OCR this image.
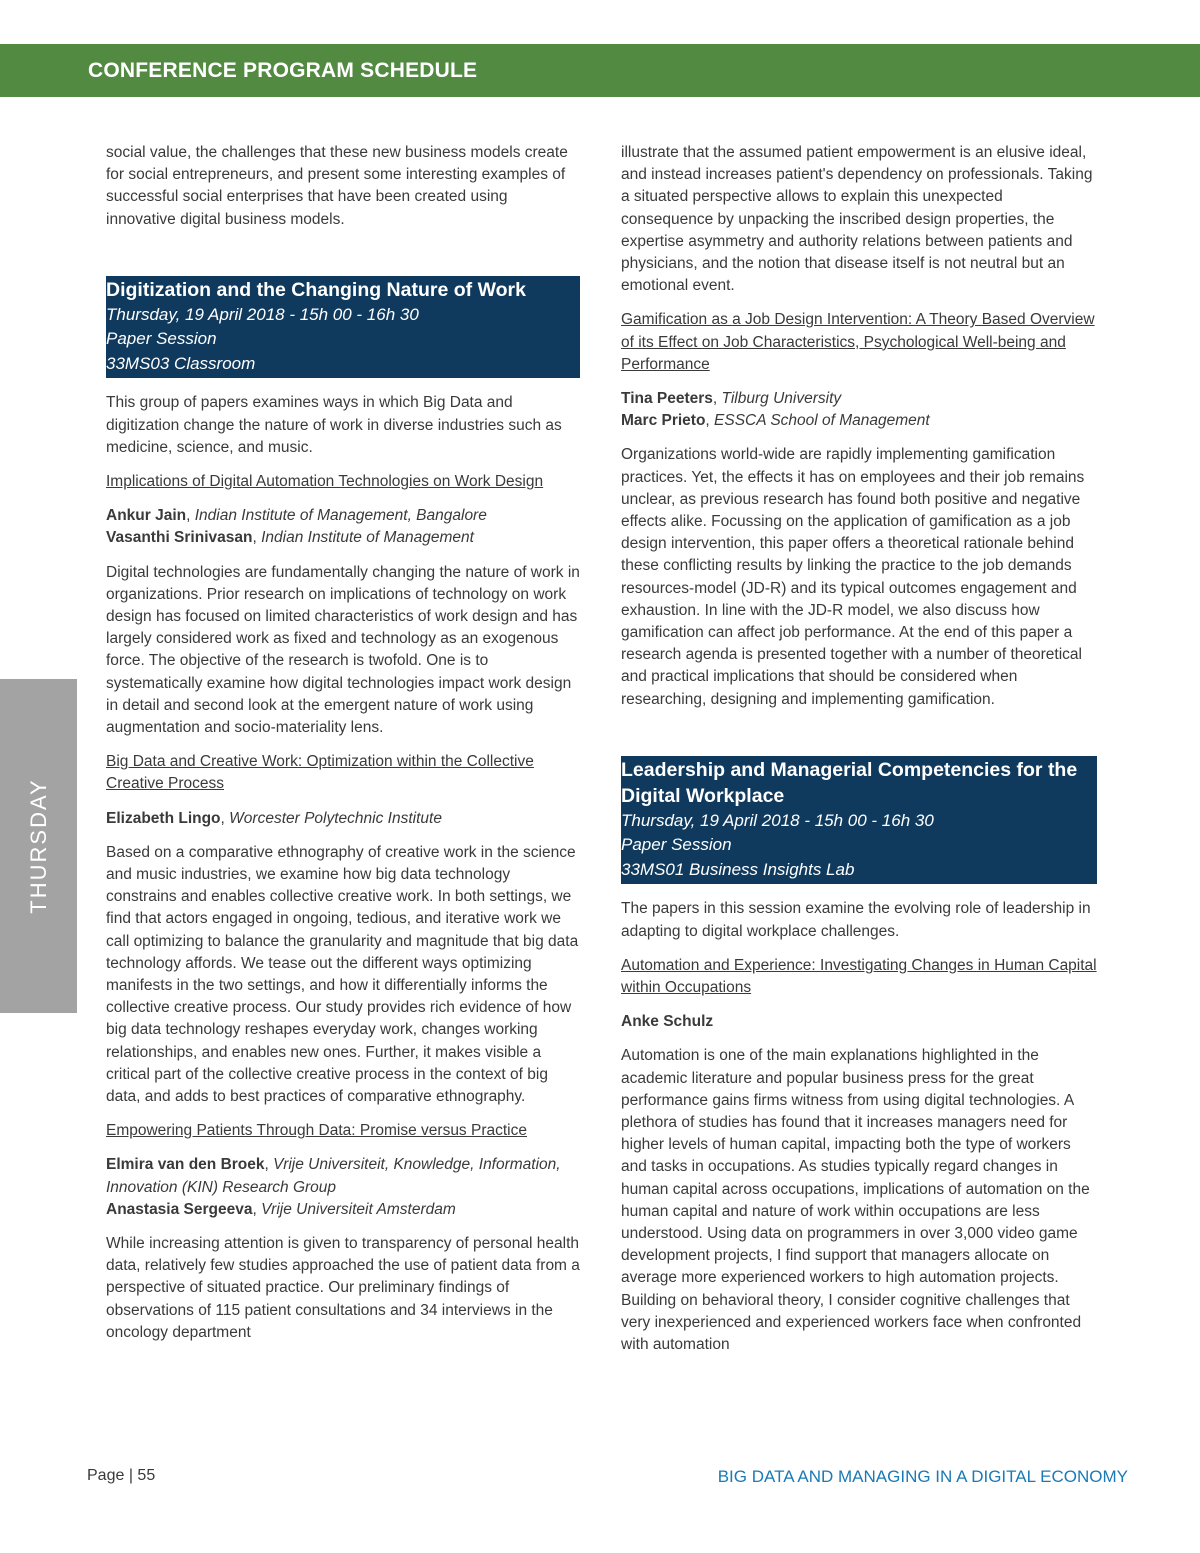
CONFERENCE PROGRAM SCHEDULE
THURSDAY

social value, the challenges that these new business models create for social entrepreneurs, and present some interesting examples of successful social enterprises that have been created using innovative digital business models.

Digitization and the Changing Nature of Work
Thursday, 19 April 2018 - 15h 00 - 16h 30
Paper Session
33MS03 Classroom

This group of papers examines ways in which Big Data and digitization change the nature of work in diverse industries such as medicine, science, and music.

Implications of Digital Automation Technologies on Work Design

Ankur Jain, Indian Institute of Management, Bangalore

Vasanthi Srinivasan, Indian Institute of Management

Digital technologies are fundamentally changing the nature of work in organizations. Prior research on implications of technology on work design has focused on limited characteristics of work design and has largely considered work as fixed and technology as an exogenous force. The objective of the research is twofold. One is to systematically examine how digital technologies impact work design in detail and second look at the emergent nature of work using augmentation and socio-materiality lens.

Big Data and Creative Work: Optimization within the Collective Creative Process

Elizabeth Lingo, Worcester Polytechnic Institute

Based on a comparative ethnography of creative work in the science and music industries, we examine how big data technology constrains and enables collective creative work. In both settings, we find that actors engaged in ongoing, tedious, and iterative work we call optimizing to balance the granularity and magnitude that big data technology affords. We tease out the different ways optimizing manifests in the two settings, and how it differentially informs the collective creative process. Our study provides rich evidence of how big data technology reshapes everyday work, changes working relationships, and enables new ones. Further, it makes visible a critical part of the collective creative process in the context of big data, and adds to best practices of comparative ethnography.

Empowering Patients Through Data: Promise versus Practice

Elmira van den Broek, Vrije Universiteit, Knowledge, Information, Innovation (KIN) Research Group

Anastasia Sergeeva, Vrije Universiteit Amsterdam

While increasing attention is given to transparency of personal health data, relatively few studies approached the use of patient data from a perspective of situated practice. Our preliminary findings of observations of 115 patient consultations and 34 interviews in the oncology department

illustrate that the assumed patient empowerment is an elusive ideal, and instead increases patient's dependency on professionals. Taking a situated perspective allows to explain this unexpected consequence by unpacking the inscribed design properties, the expertise asymmetry and authority relations between patients and physicians, and the notion that disease itself is not neutral but an emotional event.

Gamification as a Job Design Intervention: A Theory Based Overview of its Effect on Job Characteristics, Psychological Well-being and Performance

Tina Peeters, Tilburg University

Marc Prieto, ESSCA School of Management

Organizations world-wide are rapidly implementing gamification practices. Yet, the effects it has on employees and their job remains unclear, as previous research has found both positive and negative effects alike. Focussing on the application of gamification as a job design intervention, this paper offers a theoretical rationale behind these conflicting results by linking the practice to the job demands resources-model (JD-R) and its typical outcomes engagement and exhaustion. In line with the JD-R model, we also discuss how gamification can affect job performance. At the end of this paper a research agenda is presented together with a number of theoretical and practical implications that should be considered when researching, designing and implementing gamification.

Leadership and Managerial Competencies for the Digital Workplace
Thursday, 19 April 2018 - 15h 00 - 16h 30
Paper Session
33MS01 Business Insights Lab

The papers in this session examine the evolving role of leadership in adapting to digital workplace challenges.

Automation and Experience: Investigating Changes in Human Capital within Occupations

Anke Schulz

Automation is one of the main explanations highlighted in the academic literature and popular business press for the great performance gains firms witness from using digital technologies. A plethora of studies has found that it increases managers need for higher levels of human capital, impacting both the type of workers and tasks in occupations. As studies typically regard changes in human capital across occupations, implications of automation on the human capital and nature of work within occupations are less understood. Using data on programmers in over 3,000 video game development projects, I find support that managers allocate on average more experienced workers to high automation projects. Building on behavioral theory, I consider cognitive challenges that very inexperienced and experienced workers face when confronted with automation

Page | 55	BIG DATA AND MANAGING IN A DIGITAL ECONOMY
